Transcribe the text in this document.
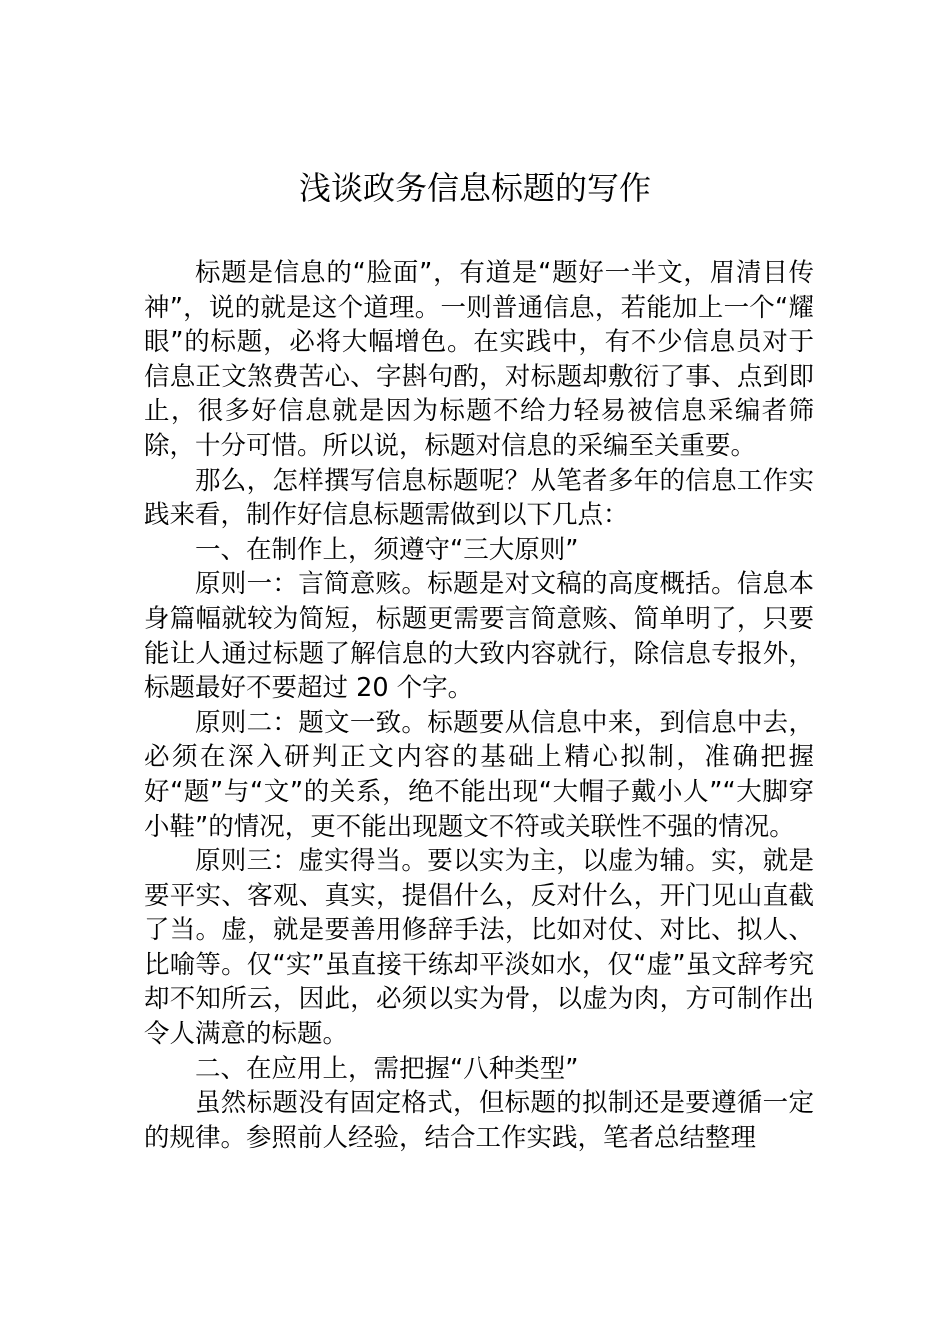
浅谈政务信息标题的写作

标题是信息的“脸面”，有道是“题好一半文，眉清目传神”，说的就是这个道理。一则普通信息，若能加上一个“耀眼”的标题，必将大幅增色。在实践中，有不少信息员对于信息正文煞费苦心、字斟句酌，对标题却敷衍了事、点到即止，很多好信息就是因为标题不给力轻易被信息采编者筛除，十分可惜。所以说，标题对信息的采编至关重要。

那么，怎样撰写信息标题呢？从笔者多年的信息工作实践来看，制作好信息标题需做到以下几点：

一、在制作上，须遵守“三大原则”

原则一：言简意赅。标题是对文稿的高度概括。信息本身篇幅就较为简短，标题更需要言简意赅、简单明了，只要能让人通过标题了解信息的大致内容就行，除信息专报外，标题最好不要超过 20 个字。

原则二：题文一致。标题要从信息中来，到信息中去，必须在深入研判正文内容的基础上精心拟制，准确把握好“题”与“文”的关系，绝不能出现“大帽子戴小人”“大脚穿小鞋”的情况，更不能出现题文不符或关联性不强的情况。

原则三：虚实得当。要以实为主，以虚为辅。实，就是要平实、客观、真实，提倡什么，反对什么，开门见山直截了当。虚，就是要善用修辞手法，比如对仗、对比、拟人、比喻等。仅“实”虽直接干练却平淡如水，仅“虚”虽文辞考究却不知所云，因此，必须以实为骨，以虚为肉，方可制作出令人满意的标题。

二、在应用上，需把握“八种类型”

虽然标题没有固定格式，但标题的拟制还是要遵循一定的规律。参照前人经验，结合工作实践，笔者总结整理
